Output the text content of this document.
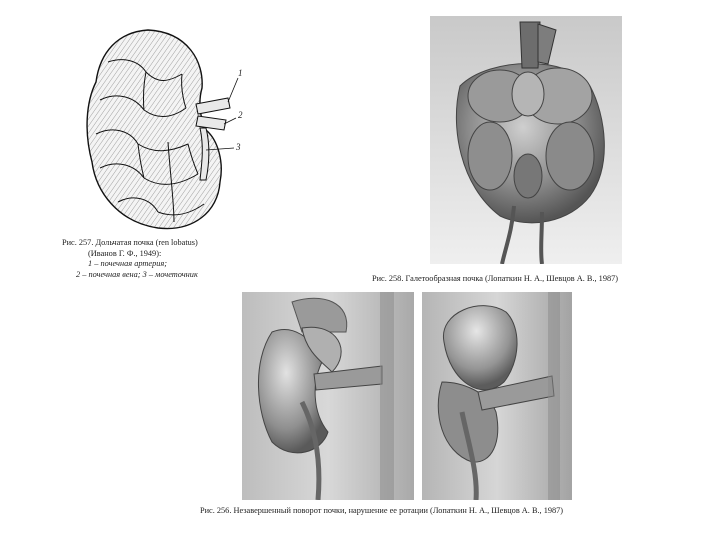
1
2
3
Рис. 257. Дольчатая почка (ren lobatus)
(Иванов Г. Ф., 1949):
1 – почечная артерия;
2 – почечная вена; 3 – мочеточник	Рис. 258. Галетообразная почка (Лопаткин Н. А., Шевцов А. В., 1987)
Рис. 256. Незавершенный поворот почки, нарушение ее ротации (Лопаткин Н. А., Шевцов А. В., 1987)
